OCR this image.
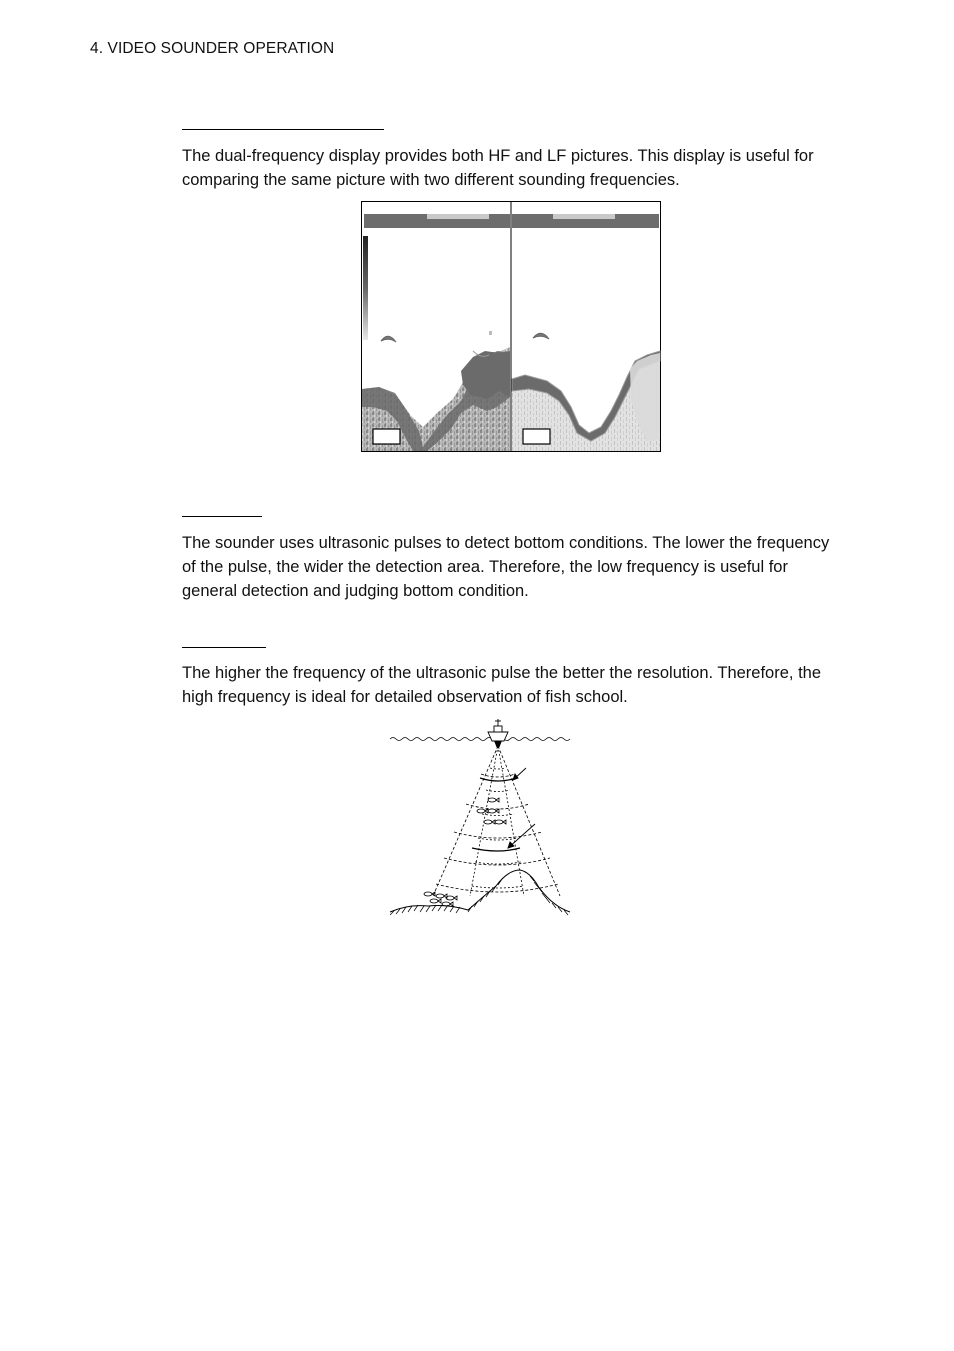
4. VIDEO SOUNDER OPERATION
The dual-frequency display provides both HF and LF pictures. This display is useful for comparing the same picture with two different sounding frequencies.
The sounder uses ultrasonic pulses to detect bottom conditions. The lower the frequency of the pulse, the wider the detection area. Therefore, the low frequency is useful for general detection and judging bottom condition.
The higher the frequency of the ultrasonic pulse the better the resolution. Therefore, the high frequency is ideal for detailed observation of fish school.
